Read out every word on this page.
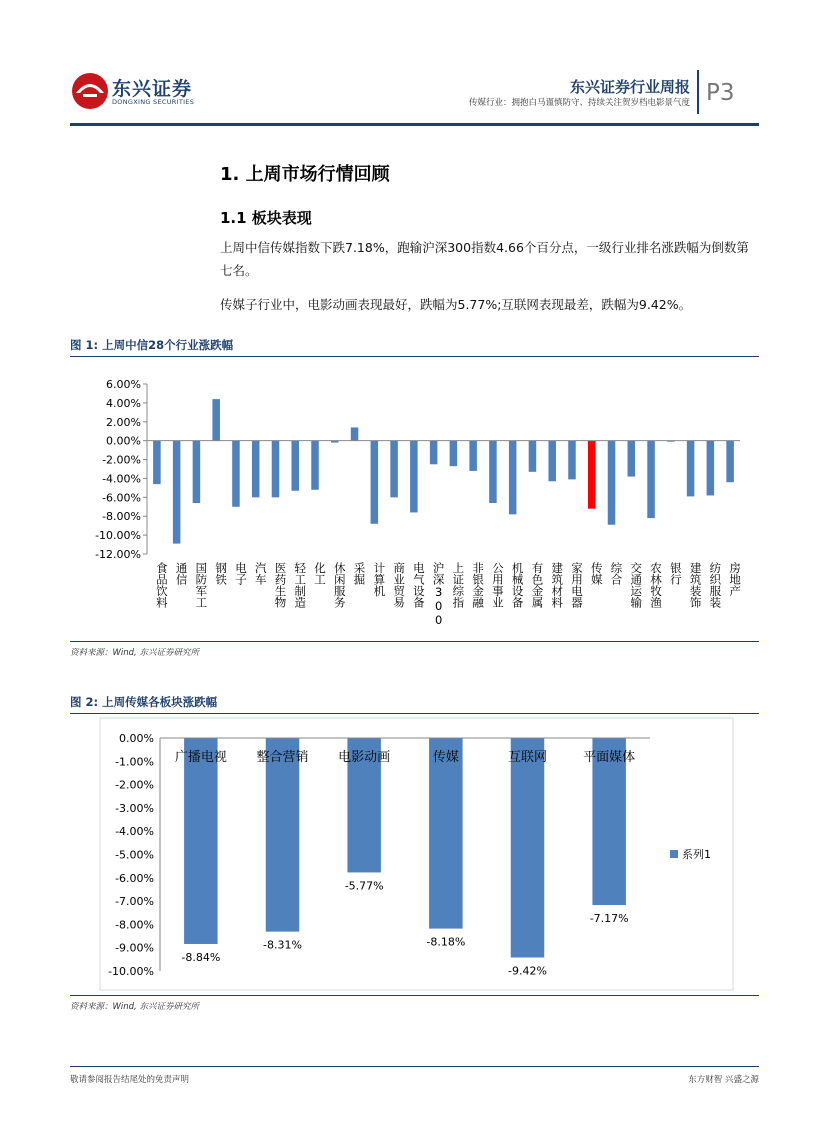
东兴证券
DONGXING SECURITIES
东兴证券行业周报
传媒行业：拥抱白马谨慎防守、持续关注贺岁档电影景气度 P3
1. 上周市场行情回顾
1.1 板块表现
上周中信传媒指数下跌7.18%，跑输沪深300指数4.66个百分点，一级行业排名涨跌幅为倒数第七名。
传媒子行业中，电影动画表现最好，跌幅为5.77%;互联网表现最差，跌幅为9.42%。
图 1: 上周中信28个行业涨跌幅
6.00%
4.00%
2.00%
0.00%
-2.00%
-4.00%
-6.00%
-8.00%
-10.00%
-12.00%
食品饮料 通信 国防军工 钢铁 电子 汽车 医药生物 轻工制造 化工 休闲服务 采掘 计算机 商业贸易 电气设备 沪深300 上证综指 非银金融 公用事业 机械设备 有色金属 建筑材料 家用电器 传媒 综合 交通运输 农林牧渔 银行 建筑装饰 纺织服装 房地产
资料来源：Wind, 东兴证券研究所
图 2: 上周传媒各板块涨跌幅
0.00%
-1.00%
-2.00%
-3.00%
-4.00%
-5.00%
-6.00%
-7.00%
-8.00%
-9.00%
-10.00%
-8.84%
-8.31%
-5.77%
-8.18%
-9.42%
-7.17%
广播电视 整合营销 电影动画	传媒	互联网	平面媒体
系列1
资料来源：Wind, 东兴证券研究所
敬请参阅报告结尾处的免责声明	东方财智 兴盛之源
